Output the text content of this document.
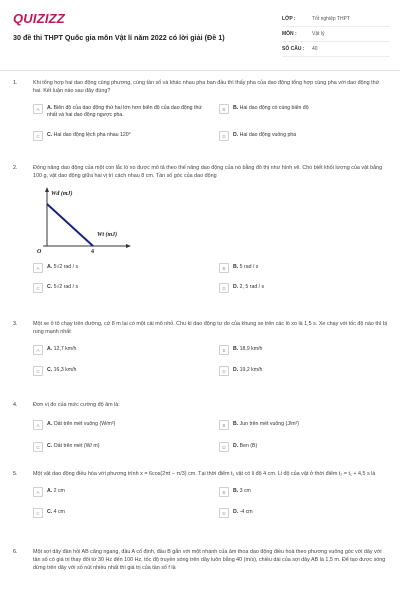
QUIZIZZ
30 đề thi THPT Quốc gia môn Vật lí năm 2022 có lời giải (Đề 1)
LỚP :	Tốt nghiệp THPT
MÔN :	Vật lý
SỐ CÂU :	40
1.	Khi tổng hợp hai dao động cùng phương, cùng tần số và khác nhau pha ban đầu thì thấy pha của dao động tổng hợp cùng pha với dao động thứ hai. Kết luận nào sau đây đúng?
A	A. Biên độ của dao động thứ hai lớn hơn biên độ của dao động thứ nhất và hai dao động ngược pha.
B	B. Hai dao động có cùng biên độ
C	C. Hai dao động lệch pha nhau 120°	D	D. Hai dao động vuông pha
2.	Động năng dao động của một con lắc lò xo được mô tả theo thế năng dao động của nó bằng đồ thị như hình vẽ. Cho biết khối lượng của vật bằng 100 g, vật dao động giữa hai vị trí cách nhau 8 cm. Tần số góc của dao động
Wđ (mJ)
Wt (mJ)
O	4
A	A. 5√2 rad / s	B	B. 5 rad / s
C	C. 5√2 rad / s	D	D. 2, 5 rad / s
3.	Một xe ô tô chạy trên đường, cứ 8 m lại có một cái mô nhỏ. Chu kì dao động tự do của khung xe trên các lò xo là 1,5 s. Xe chạy với tốc độ nào thì bị rung mạnh nhất
A	A. 12,7 km/h	B	B. 18,9 km/h
C	C. 16,3 km/h	D	D. 19,2 km/h
4.	Đơn vị đo của mức cường độ âm là:
A	A. Oát trên mét vuông (W/m²)	B	B. Jun trên mét vuông (J/m²)
C	C. Oát trên mét (W/ m)	D	D. Ben (B)
5.	Một vật dao động điều hòa với phương trình x = 6cos(2πt − π/3) cm. Tại thời điểm t₁ vật có li độ 4 cm. Li độ của vật ở thời điểm t₂ = t₁ + 4,5 s là
A	A. 2 cm	B	B. 3 cm
C	C. 4 cm	D	D. -4 cm
6.	Một sợi dây đàn hồi AB căng ngang, đầu A cố định, đầu B gắn với một nhánh của âm thoa dao động điều hoà theo phương vuông góc với dây với tần số có giá trị thay đổi từ 30 Hz đến 100 Hz, tốc độ truyền sóng trên dây luôn bằng 40 (m/s), chiều dài của sợi dây AB là 1,5 m. Để tạo được sóng dừng trên dây với số nút nhiều nhất thì giá trị của tần số f là
